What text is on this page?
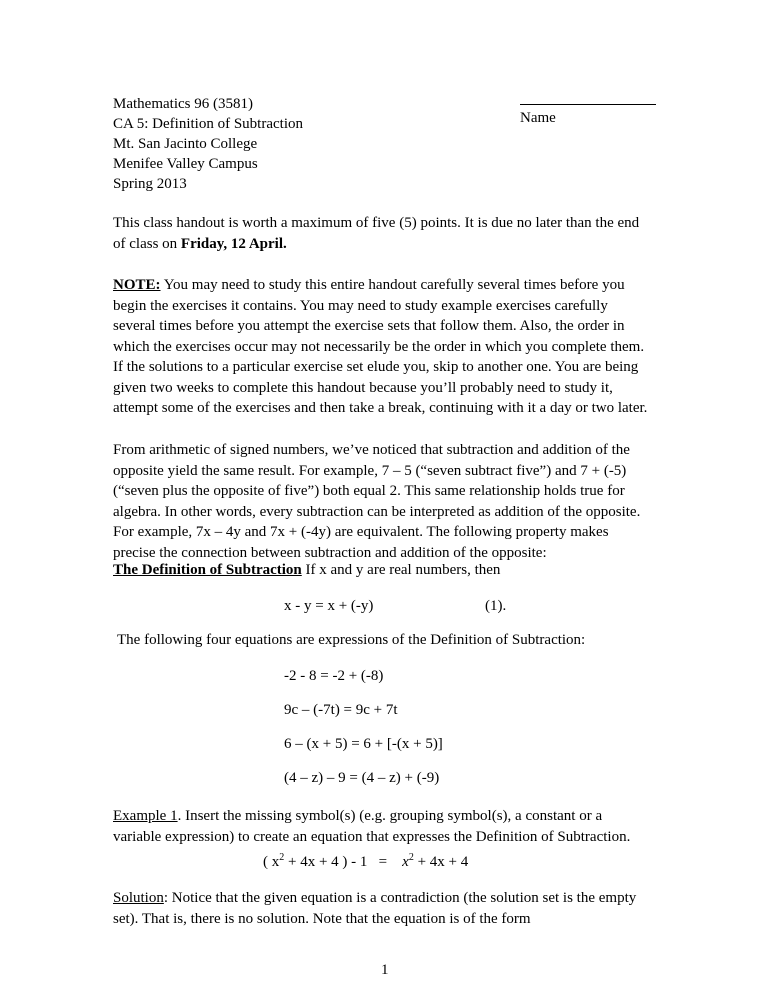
Mathematics 96 (3581)
CA 5: Definition of Subtraction
Mt. San Jacinto College
Menifee Valley Campus
Spring 2013
Name
This class handout is worth a maximum of five (5) points. It is due no later than the end
of class on Friday, 12 April.
NOTE: You may need to study this entire handout carefully several times before you
begin the exercises it contains. You may need to study example exercises carefully
several times before you attempt the exercise sets that follow them. Also, the order in
which the exercises occur may not necessarily be the order in which you complete them.
If the solutions to a particular exercise set elude you, skip to another one. You are being
given two weeks to complete this handout because you’ll probably need to study it,
attempt some of the exercises and then take a break, continuing with it a day or two later.
From arithmetic of signed numbers, we’ve noticed that subtraction and addition of the
opposite yield the same result. For example, 7 – 5 (“seven subtract five”) and 7 + (-5)
(“seven plus the opposite of five”) both equal 2. This same relationship holds true for
algebra. In other words, every subtraction can be interpreted as addition of the opposite.
For example, 7x – 4y and 7x + (-4y) are equivalent. The following property makes
precise the connection between subtraction and addition of the opposite:
The Definition of Subtraction If x and y are real numbers, then
x - y = x + (-y)	(1).
The following four equations are expressions of the Definition of Subtraction:
-2 - 8 = -2 + (-8)
9c – (-7t) = 9c + 7t
6 – (x + 5) = 6 + [-(x + 5)]
(4 – z) – 9 = (4 – z) + (-9)
Example 1. Insert the missing symbol(s) (e.g. grouping symbol(s), a constant or a
variable expression) to create an equation that expresses the Definition of Subtraction.
( $x^2 + 4x + 4$ ) - $1 = x^2 + 4x + 4$
Solution: Notice that the given equation is a contradiction (the solution set is the empty
set). That is, there is no solution. Note that the equation is of the form
1
